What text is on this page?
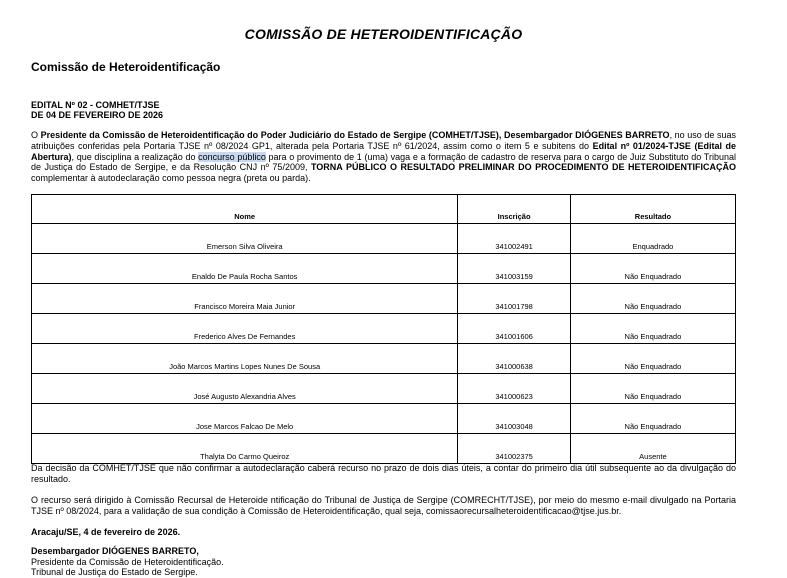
COMISSÃO DE HETEROIDENTIFICAÇÃO
Comissão de Heteroidentificação
EDITAL Nº 02 - COMHET/TJSE
DE 04 DE FEVEREIRO DE 2026
O Presidente da Comissão de Heteroidentificação do Poder Judiciário do Estado de Sergipe (COMHET/TJSE), Desembargador DIÓGENES BARRETO, no uso de suas atribuições conferidas pela Portaria TJSE nº 08/2024 GP1, alterada pela Portaria TJSE nº 61/2024, assim como o item 5 e subitens do Edital nº 01/2024-TJSE (Edital de Abertura), que disciplina a realização do concurso público para o provimento de 1 (uma) vaga e a formação de cadastro de reserva para o cargo de Juiz Substituto do Tribunal de Justiça do Estado de Sergipe, e da Resolução CNJ nº 75/2009, TORNA PÚBLICO O RESULTADO PRELIMINAR DO PROCEDIMENTO DE HETEROIDENTIFICAÇÃO complementar à autodeclaração como pessoa negra (preta ou parda).
Nome	Inscrição	Resultado
Emerson Silva Oliveira	341002491	Enquadrado
Enaldo De Paula Rocha Santos	341003159	Não Enquadrado
Francisco Moreira Maia Junior	341001798	Não Enquadrado
Frederico Alves De Fernandes	341001606	Não Enquadrado
João Marcos Martins Lopes Nunes De Sousa	341000638	Não Enquadrado
José Augusto Alexandria Alves	341000623	Não Enquadrado
Jose Marcos Falcao De Melo	341003048	Não Enquadrado
Thalyta Do Carmo Queiroz	341002375	Ausente
Da decisão da COMHET/TJSE que não confirmar a autodeclaração caberá recurso no prazo de dois dias úteis, a contar do primeiro dia útil subsequente ao da divulgação do resultado.
O recurso será dirigido à Comissão Recursal de Heteroide ntificação do Tribunal de Justiça de Sergipe (COMRECHT/TJSE), por meio do mesmo e-mail divulgado na Portaria TJSE nº 08/2024, para a validação de sua condição à Comissão de Heteroidentificação, qual seja, comissaorecursalheteroidentificacao@tjse.jus.br.
Aracaju/SE, 4 de fevereiro de 2026.
Desembargador DIÓGENES BARRETO,
Presidente da Comissão de Heteroidentificação.
Tribunal de Justiça do Estado de Sergipe.
